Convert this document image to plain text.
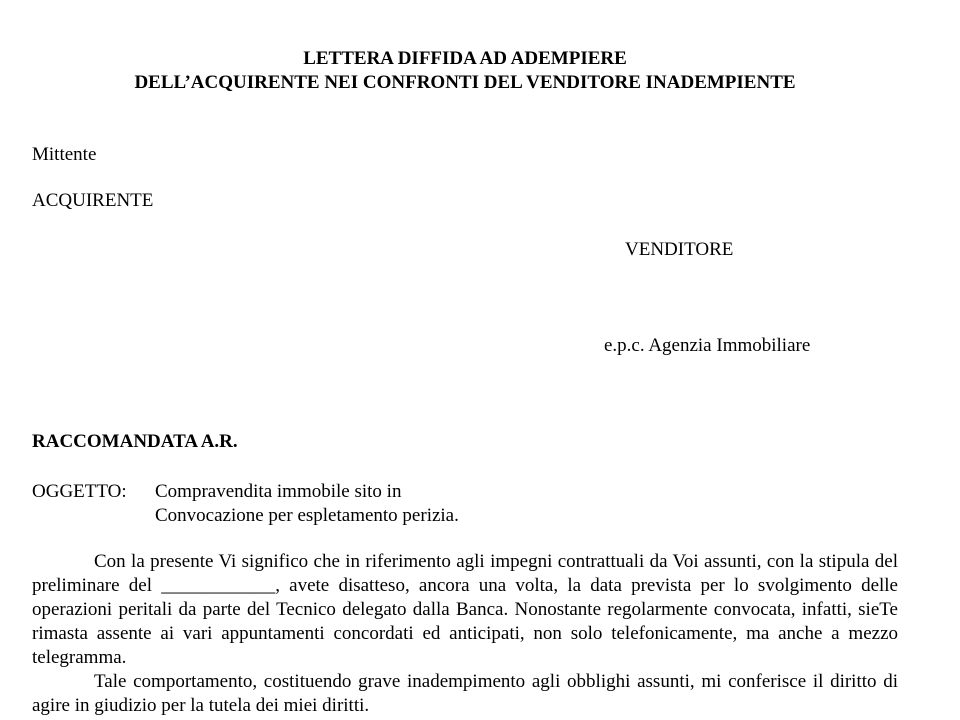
LETTERA DIFFIDA AD ADEMPIERE
DELL’ACQUIRENTE NEI CONFRONTI DEL VENDITORE INADEMPIENTE
Mittente
ACQUIRENTE
VENDITORE
e.p.c. Agenzia Immobiliare
RACCOMANDATA A.R.
OGGETTO: Compravendita immobile sito in
Convocazione per espletamento perizia.
Con la presente Vi significo che in riferimento agli impegni contrattuali da Voi assunti, con la stipula del preliminare del ____________, avete disatteso, ancora una volta, la data prevista per lo svolgimento delle operazioni peritali da parte del Tecnico delegato dalla Banca. Nonostante regolarmente convocata, infatti, sieTe rimasta assente ai vari appuntamenti concordati ed anticipati, non solo telefonicamente, ma anche a mezzo telegramma.
Tale comportamento, costituendo grave inadempimento agli obblighi assunti, mi conferisce il diritto di agire in giudizio per la tutela dei miei diritti.
